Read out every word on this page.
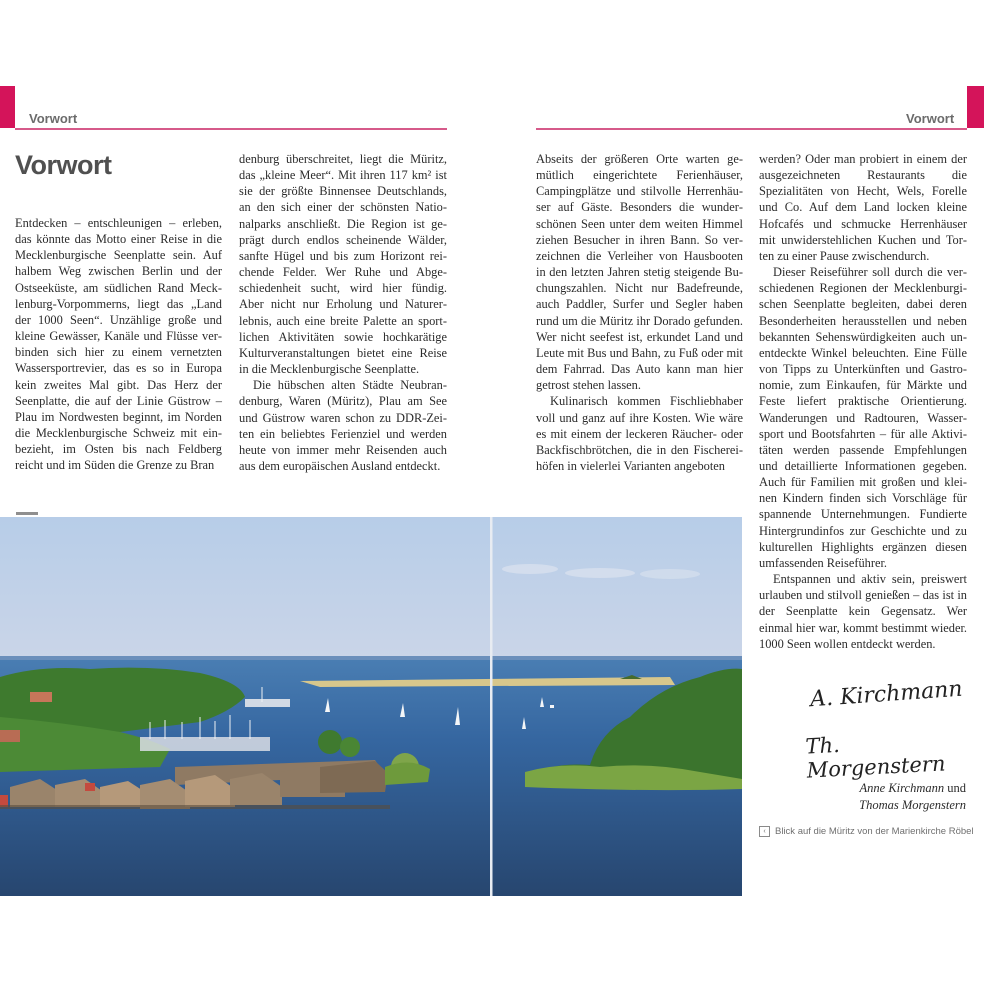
Vorwort	Vorwort
Vorwort

Entdecken – entschleunigen – erleben, das könnte das Motto einer Reise in die Mecklenburgische Seenplatte sein. Auf halbem Weg zwischen Berlin und der Ostseeküste, am südlichen Rand Mecklenburg-Vorpommerns, liegt das „Land der 1000 Seen“. Unzählige große und kleine Gewässer, Kanäle und Flüsse verbinden sich hier zu einem vernetzten Wassersportrevier, das es so in Europa kein zweites Mal gibt. Das Herz der Seenplatte, die auf der Linie Güstrow – Plau im Nordwesten beginnt, im Norden die Mecklenburgische Schweiz mit einbezieht, im Osten bis nach Feldberg reicht und im Süden die Grenze zu Bran

denburg überschreitet, liegt die Müritz, das „kleine Meer“. Mit ihren 117 km² ist sie der größte Binnensee Deutschlands, an den sich einer der schönsten Nationalparks anschließt. Die Region ist geprägt durch endlos scheinende Wälder, sanfte Hügel und bis zum Horizont reichende Felder. Wer Ruhe und Abgeschiedenheit sucht, wird hier fündig. Aber nicht nur Erholung und Naturerlebnis, auch eine breite Palette an sportlichen Aktivitäten sowie hochkarätige Kulturveranstaltungen bietet eine Reise in die Mecklenburgische Seenplatte.

Die hübschen alten Städte Neubrandenburg, Waren (Müritz), Plau am See und Güstrow waren schon zu DDR-Zeiten ein beliebtes Ferienziel und werden heute von immer mehr Reisenden auch aus dem europäischen Ausland entdeckt.

Abseits der größeren Orte warten gemütlich eingerichtete Ferienhäuser, Campingplätze und stilvolle Herrenhäuser auf Gäste. Besonders die wunderschönen Seen unter dem weiten Himmel ziehen Besucher in ihren Bann. So verzeichnen die Verleiher von Hausbooten in den letzten Jahren stetig steigende Buchungszahlen. Nicht nur Badefreunde, auch Paddler, Surfer und Segler haben rund um die Müritz ihr Dorado gefunden. Wer nicht seefest ist, erkundet Land und Leute mit Bus und Bahn, zu Fuß oder mit dem Fahrrad. Das Auto kann man hier getrost stehen lassen.

Kulinarisch kommen Fischliebhaber voll und ganz auf ihre Kosten. Wie wäre es mit einem der leckeren Räucher- oder Backfischbrötchen, die in den Fischereihöfen in vielerlei Varianten angeboten

werden? Oder man probiert in einem der ausgezeichneten Restaurants die Spezialitäten von Hecht, Wels, Forelle und Co. Auf dem Land locken kleine Hofcafés und schmucke Herrenhäuser mit unwiderstehlichen Kuchen und Torten zu einer Pause zwischendurch.

Dieser Reiseführer soll durch die verschiedenen Regionen der Mecklenburgischen Seenplatte begleiten, dabei deren Besonderheiten herausstellen und neben bekannten Sehenswürdigkeiten auch unentdeckte Winkel beleuchten. Eine Fülle von Tipps zu Unterkünften und Gastronomie, zum Einkaufen, für Märkte und Feste liefert praktische Orientierung. Wanderungen und Radtouren, Wassersport und Bootsfahrten – für alle Aktivitäten werden passende Empfehlungen und detaillierte Informationen gegeben. Auch für Familien mit großen und kleinen Kindern finden sich Vorschläge für spannende Unternehmungen. Fundierte Hintergrundinfos zur Geschichte und zu kulturellen Highlights ergänzen diesen umfassenden Reiseführer.

Entspannen und aktiv sein, preiswert urlauben und stilvoll genießen – das ist in der Seenplatte kein Gegensatz. Wer einmal hier war, kommt bestimmt wieder. 1000 Seen wollen entdeckt werden.

A. Kirchmann
Th. Morgenstern
Anne Kirchmann und
Thomas Morgenstern
‹ Blick auf die Müritz von der Marienkirche Röbel
